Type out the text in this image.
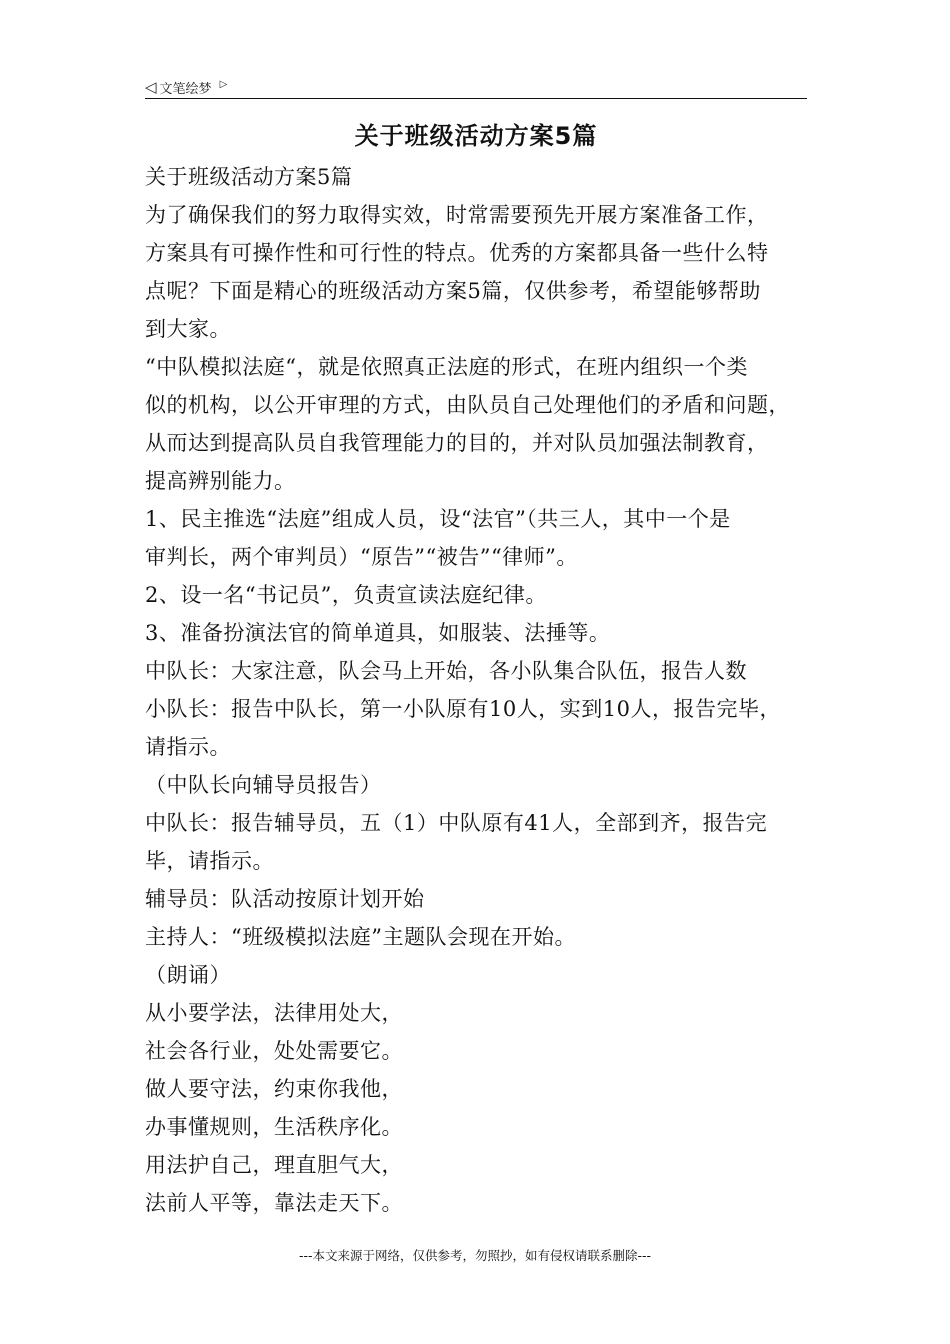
◁ 文笔绘梦 ▷
关于班级活动方案5篇
关于班级活动方案5篇
为了确保我们的努力取得实效，时常需要预先开展方案准备工作，
方案具有可操作性和可行性的特点。优秀的方案都具备一些什么特
点呢？下面是精心的班级活动方案5篇，仅供参考，希望能够帮助
到大家。
“中队模拟法庭“，就是依照真正法庭的形式，在班内组织一个类
似的机构，以公开审理的方式，由队员自己处理他们的矛盾和问题，
从而达到提高队员自我管理能力的目的，并对队员加强法制教育，
提高辨别能力。
1、民主推选“法庭”组成人员，设“法官”（共三人，其中一个是
审判长，两个审判员）“原告”“被告”“律师”。
2、设一名“书记员”，负责宣读法庭纪律。
3、准备扮演法官的简单道具，如服装、法捶等。
中队长：大家注意，队会马上开始，各小队集合队伍，报告人数
小队长：报告中队长，第一小队原有10人，实到10人，报告完毕，
请指示。
（中队长向辅导员报告）
中队长：报告辅导员，五（1）中队原有41人，全部到齐，报告完
毕，请指示。
辅导员：队活动按原计划开始
主持人：“班级模拟法庭”主题队会现在开始。
（朗诵）
从小要学法，法律用处大，
社会各行业，处处需要它。
做人要守法，约束你我他，
办事懂规则，生活秩序化。
用法护自己，理直胆气大，
法前人平等，靠法走天下。
---本文来源于网络，仅供参考，勿照抄，如有侵权请联系删除---
